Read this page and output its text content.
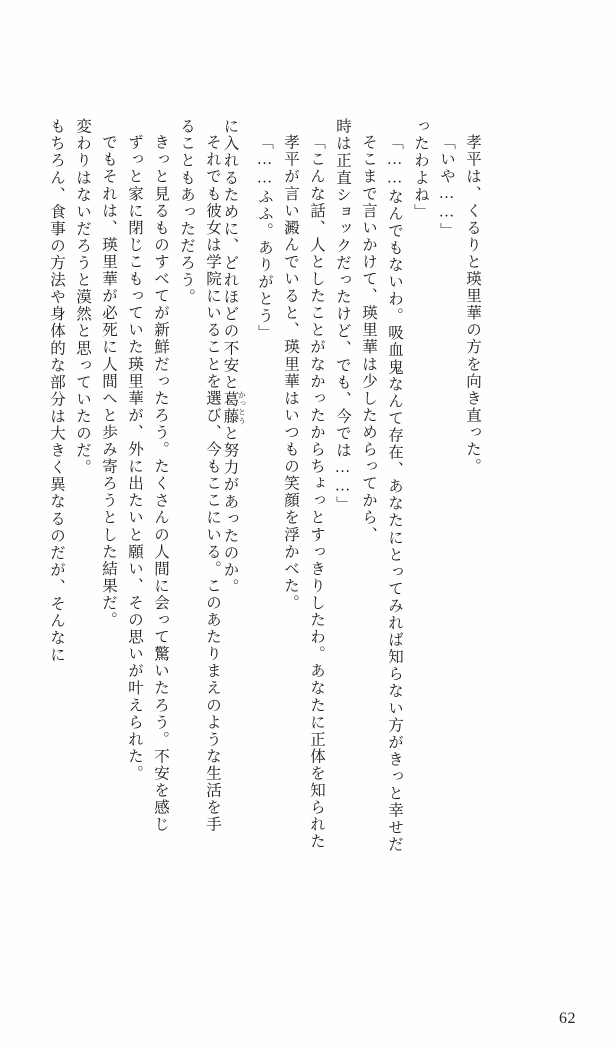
もちろん、食事の方法や身体的な部分は大きく異なるのだが、そんなに 変わりはないだろうと漠然と思っていたのだ。 でもそれは、瑛里華が必死に人間へと歩み寄ろうとした結果だ。 ずっと家に閉じこもっていた瑛里華が、外に出たいと願い、その思いが叶えられた。 きっと見るものすべてが新鮮だったろう。たくさんの人間に会って驚いたろう。不安を感じ ることもあっただろう。 それでも彼女は学院にいることを選び、今もここにいる。このあたりまえのような生活を手 に入れるために、どれほどの不安と葛藤 かっとうと努力があったのか。
「……ふふ。ありがとう」 孝平が言い澱んでいると、瑛里華はいつもの笑顔を浮かべた。 「こんな話、人としたことがなかったからちょっとすっきりしたわ。あなたに正体を知られた 時は正直ショックだったけど、でも、今では……」 そこまで言いかけて、瑛里華は少しためらってから、 「……なんでもないわ。吸血鬼なんて存在、あなたにとってみれば知らない方がきっと幸せだ ったわよね」 「いや……」 孝平は、くるりと瑛里華の方を向き直った。
62
